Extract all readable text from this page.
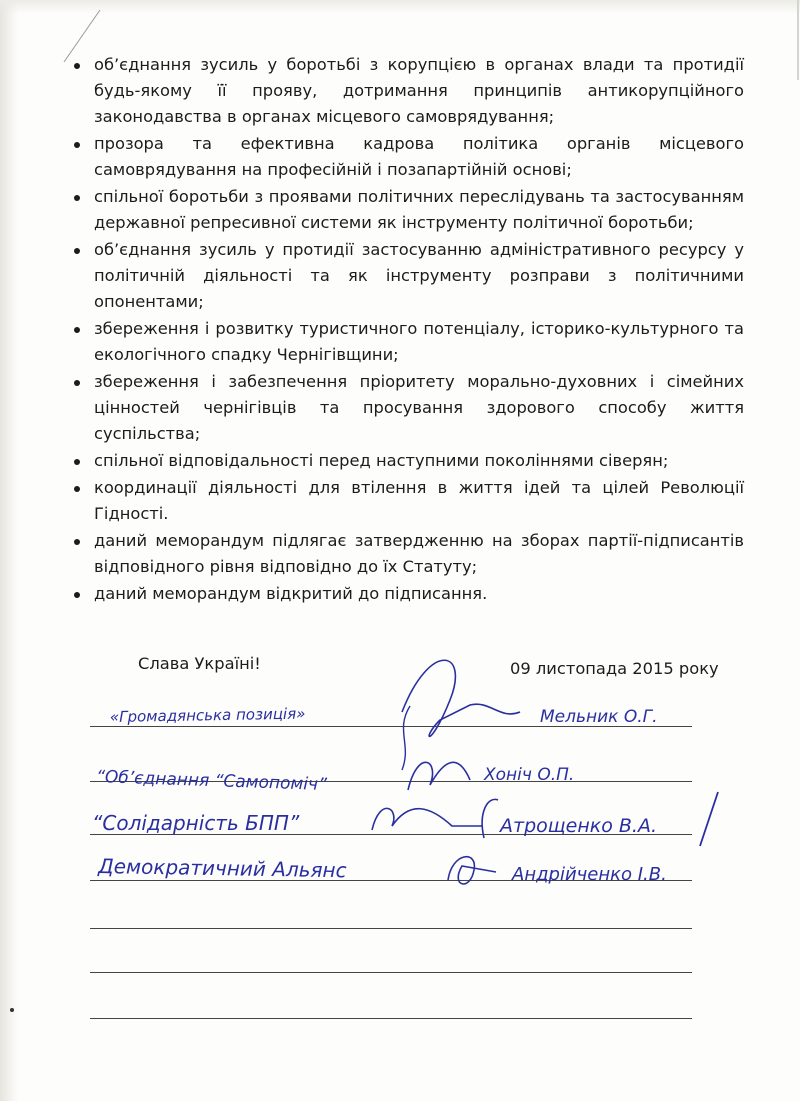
об’єднання зусиль у боротьбі з корупцією в органах влади та протидії будь-якому її прояву, дотримання принципів антикорупційного законодавства в органах місцевого самоврядування;
прозора та ефективна кадрова політика органів місцевого самоврядування на професійній і позапартійній основі;
спільної боротьби з проявами політичних переслідувань та застосуванням державної репресивної системи як інструменту політичної боротьби;
об’єднання зусиль у протидії застосуванню адміністративного ресурсу у політичній діяльності та як інструменту розправи з політичними опонентами;
збереження і розвитку туристичного потенціалу, історико-культурного та екологічного спадку Чернігівщини;
збереження і забезпечення пріоритету морально-духовних і сімейних цінностей чернігівців та просування здорового способу життя суспільства;
спільної відповідальності перед наступними поколіннями сіверян;
координації діяльності для втілення в життя ідей та цілей Революції Гідності.
даний меморандум підлягає затвердженню на зборах партії-підписантів відповідного рівня відповідно до їх Статуту;
даний меморандум відкритий до підписання.
Слава Україні!	09 листопада 2015 року
«Громадянська позиція»	Мельник О.Г.
“Об’єднання “Самопоміч”	Хоніч О.П.
“Солідарність БПП”	Атрощенко В.А.
Демократичний Альянс	Андрійченко І.В.
